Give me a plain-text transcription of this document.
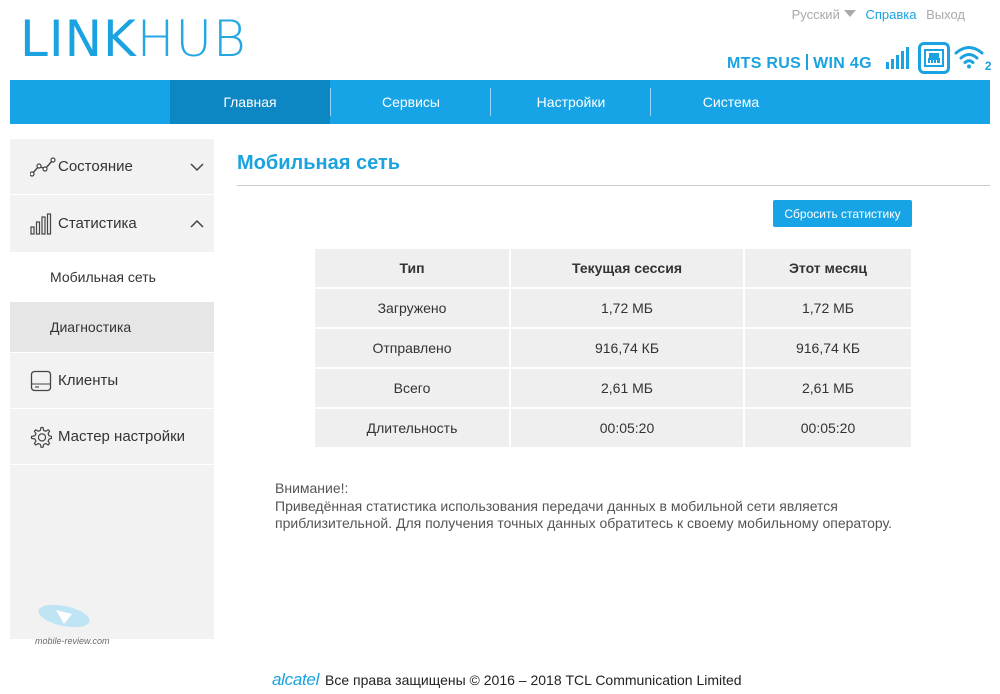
LINKHUB	Русский Справка Выход
MTS RUS WIN 4G	2
Главная	Сервисы	Настройки	Система
Состояние
Статистика
Мобильная сеть
Диагностика
Клиенты
Мастер настройки
mobile-review.com
Мобильная сеть
Сбросить статистику
Тип	Текущая сессия	Этот месяц
Загружено	1,72 МБ	1,72 МБ
Отправлено	916,74 КБ	916,74 КБ
Всего	2,61 МБ	2,61 МБ
Длительность	00:05:20	00:05:20
Внимание!:
Приведённая статистика использования передачи данных в мобильной сети является приблизительной. Для получения точных данных обратитесь к своему мобильному оператору.
alcatel Все права защищены © 2016 – 2018 TCL Communication Limited
